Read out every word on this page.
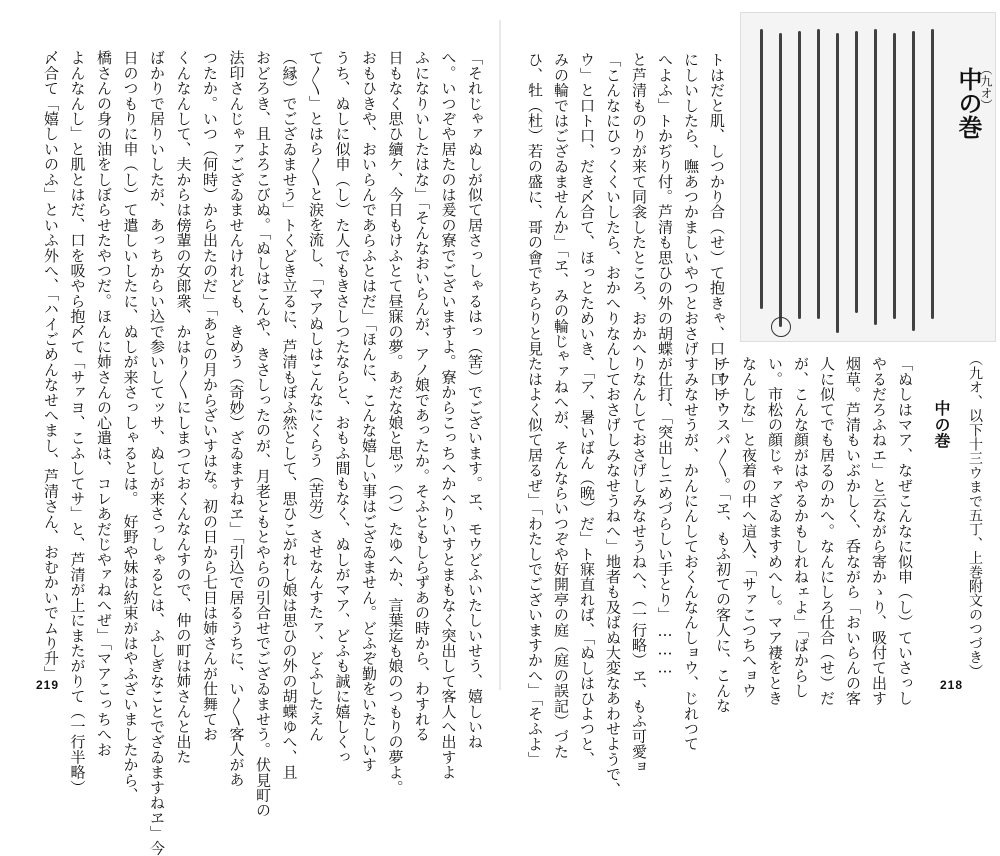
「それじゃァぬしが似て居さっしゃるはっ（筈）でございます。ヱ、モウどふいたしいせう、嬉しいね
へ。いつぞや居たのは爰の寮でございますよ。寮からこっちへかへりいすとまもなく突出して客人へ出すよ
ふになりいしたはな」「そんなおいらんが、アノ娘であったか。そふともしらずあの時から、わすれる
日もなく思ひ續ケ、今日もけふとて昼寐の夢。あだな娘と思ッ（つ）たゆへか、言葉迄も娘のつもりの夢よ。
おもひきや、おいらんであらふとはだ」「ほんに、こんな嬉しい事はござゐません。どふぞ勤をいたしいす
うち、ぬしに似申（し）た人でもきさしつたならと、おもふ間もなく、ぬしがマア、どふも誠に嬉しくっ
て〳〵」とはら〳〵と涙を流し、「マアぬしはこんなにくらう（苦労）させなんすたァ、どふしたえん
（縁）でござゐませう」トくどき立るに、芦清もぼふ然として、思ひこがれし娘は思ひの外の胡蝶ゆへ、且
おどろき、且よろこびぬ。「ぬしはこんや、きさしったのが、月老ともとやらの引合せでござゐませう。伏見町の
法印さんじゃァござゐませんけれども、きめう（奇妙）ざゐますねヱ」「引込で居るうちに、い〳〵客人があ
つたか。いつ（何時）から出たのだ」「あとの月からざいすはな。初の日から七日は姉さんが仕舞てお
くんなんして、夫からは傍輩の女郎衆、かはり〳〵にしまつておくんなんすので、仲の町は姉さんと出た
ばかりで居りいしたが、あっちからい込で参いしてッサ、ぬしが来さっしゃるとは、ふしぎなことでざゐますねヱ」今
日のつもりに申（し）て遣しいしたに、ぬしが来さっしゃるとは。　好野や妹は約束がはやふざいましたから、
橋さんの身の油をしぼらせたやつだ。ほんに姉さんの心遣は、コレあだじやァねへぜ」「マアこっちへお
よんなんし」と肌とはだ、口を吸やら抱〆て「サァヨ、こふしてサ」と、芦清が上にまたがりて（一行半略）
〆合て「嬉しいのふ」といふ外へ、「ハイごめんなせへまし、芦清さん、おむかいでムり升」
219
中の巻
（九オ）
トはだと肌、しつかり合（せ）て抱きゃ、口ト口ト、
にしいしたら、嘸あつかましいやつとおさげすみなせうが、かんにんしておくんなんしョウ、じれつて
へよふ」トかぢり付。芦清も思ひの外の胡蝶が仕打、「突出しニめづらしい手とり」………	（九オ、以下十三ウまで五丁、上巻附文のつづき）
中の巻
「ぬしはマア、なぜこんなに似申（し）ていさっし
やるだろふねエ」と云ながら寄かゝり、吸付て出す
烟草。芦清もいぶかしく、呑ながら「おいらんの客
人に似てでも居るのかへ。なんにしろ仕合（せ）だ
が、こんな顔がはやるかもしれねェよ」「ばからし
い。市松の顔じゃァざゐますめへし。マア褄をとき
なんしな」と夜着の中へ這入、「サァこつちへョウ
チウチウスパ〳〵。「ヱ、もふ初ての客人に、こんな
と芦清ものりが来て同衾したところ、おかへりなんしておさげしみなせうねへ、（一行略）ヱ、もふ可愛ョ
「こんなにひっくくいしたら、おかへりなんしておさげしみなせうねへ」地者も及ばぬ大変なあわせようで、
ウ」と口ト口、だき〆合て、ほっとためいき、「ア、暑いばん（晩）だ」ト寐直れば、「ぬしはひよつと、
みの輪ではござゐませんか」「ヱ、みの輪じゃァねへが、そんならいつぞや好開亭の庭（庭の誤記）づた
ひ、牡（杜）若の盛に、哥の會でちらりと見たはよく似て居るぜ」「わたしでございますかへ」「そふよ」	218
